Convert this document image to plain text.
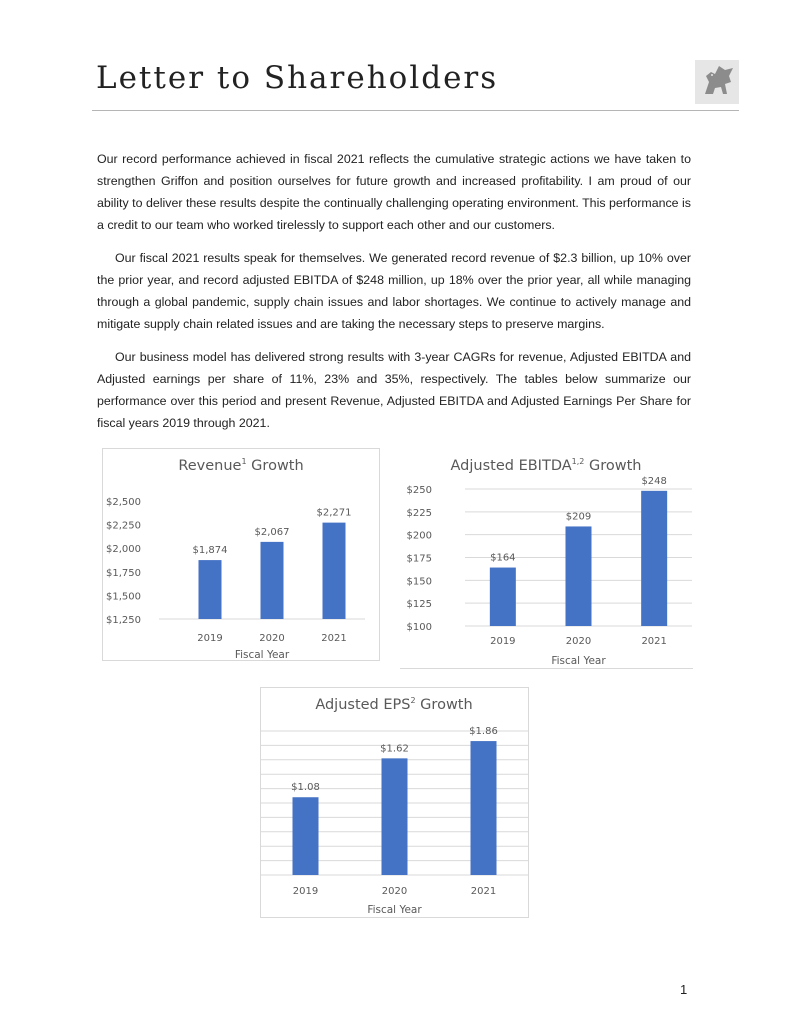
Letter to Shareholders

Our record performance achieved in fiscal 2021 reflects the cumulative strategic actions we have taken to strengthen Griffon and position ourselves for future growth and increased profitability. I am proud of our ability to deliver these results despite the continually challenging operating environment. This performance is a credit to our team who worked tirelessly to support each other and our customers.

Our fiscal 2021 results speak for themselves. We generated record revenue of $2.3 billion, up 10% over the prior year, and record adjusted EBITDA of $248 million, up 18% over the prior year, all while managing through a global pandemic, supply chain issues and labor shortages. We continue to actively manage and mitigate supply chain related issues and are taking the necessary steps to preserve margins.

Our business model has delivered strong results with 3-year CAGRs for revenue, Adjusted EBITDA and Adjusted earnings per share of 11%, 23% and 35%, respectively. The tables below summarize our performance over this period and present Revenue, Adjusted EBITDA and Adjusted Earnings Per Share for fiscal years 2019 through 2021.

Revenue$^1$ Growth
$1,250
$1,500
$1,750
$2,000
$2,250
$2,500
$1,874
2019
$2,067
2020
$2,271
2021
Fiscal Year
Adjusted EBITDA$^{1,2}$ Growth
$100
$125
$150
$175
$200
$225
$250
$164
2019
$209
2020
$248
2021
Fiscal Year
Adjusted EPS$^2$ Growth
$1.08
2019
$1.62
2020
$1.86
2021
Fiscal Year
1
